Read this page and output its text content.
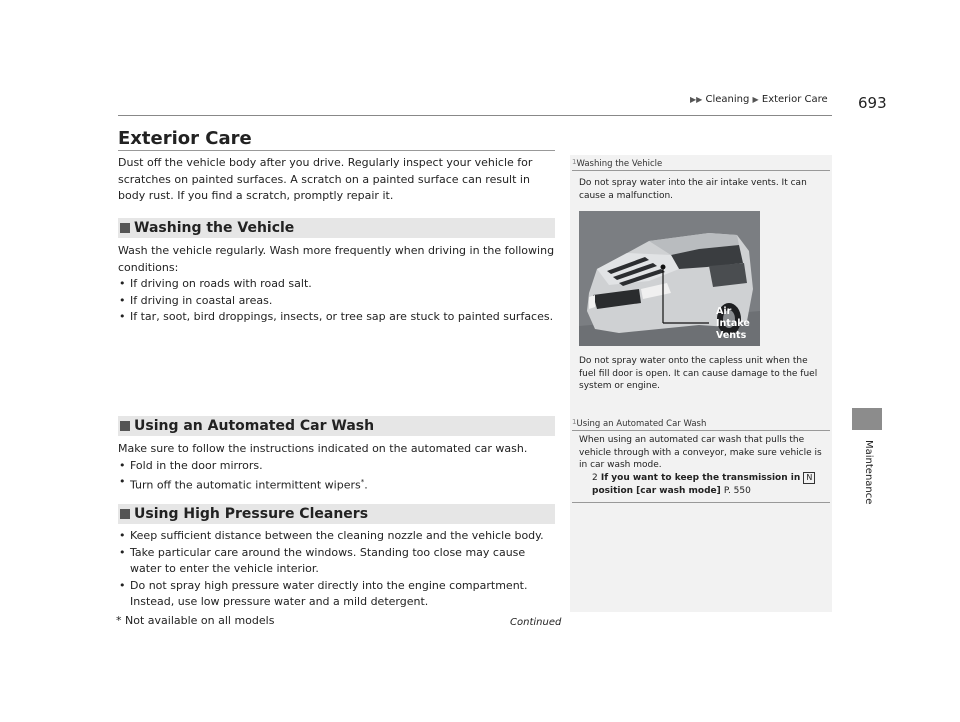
▶▶ Cleaning ▶ Exterior Care 693
Maintenance
Exterior Care
Dust off the vehicle body after you drive. Regularly inspect your vehicle for scratches on painted surfaces. A scratch on a painted surface can result in body rust. If you find a scratch, promptly repair it.
Washing the Vehicle
Wash the vehicle regularly. Wash more frequently when driving in the following conditions:
• If driving on roads with road salt.
• If driving in coastal areas.
• If tar, soot, bird droppings, insects, or tree sap are stuck to painted surfaces.
Using an Automated Car Wash
Make sure to follow the instructions indicated on the automated car wash.
• Fold in the door mirrors.
• Turn off the automatic intermittent wipers*.
Using High Pressure Cleaners
• Keep sufficient distance between the cleaning nozzle and the vehicle body.
• Take particular care around the windows. Standing too close may cause water to enter the vehicle interior.
• Do not spray high pressure water directly into the engine compartment. Instead, use low pressure water and a mild detergent.
$^1$Washing the Vehicle
Do not spray water into the air intake vents. It can cause a malfunction.
Air
Intake
Vents
Do not spray water onto the capless unit when the fuel fill door is open. It can cause damage to the fuel system or engine.
$^1$Using an Automated Car Wash
When using an automated car wash that pulls the vehicle through with a conveyor, make sure vehicle is in car wash mode.
2 If you want to keep the transmission in N
position [car wash mode] P. 550
Continued
* Not available on all models
